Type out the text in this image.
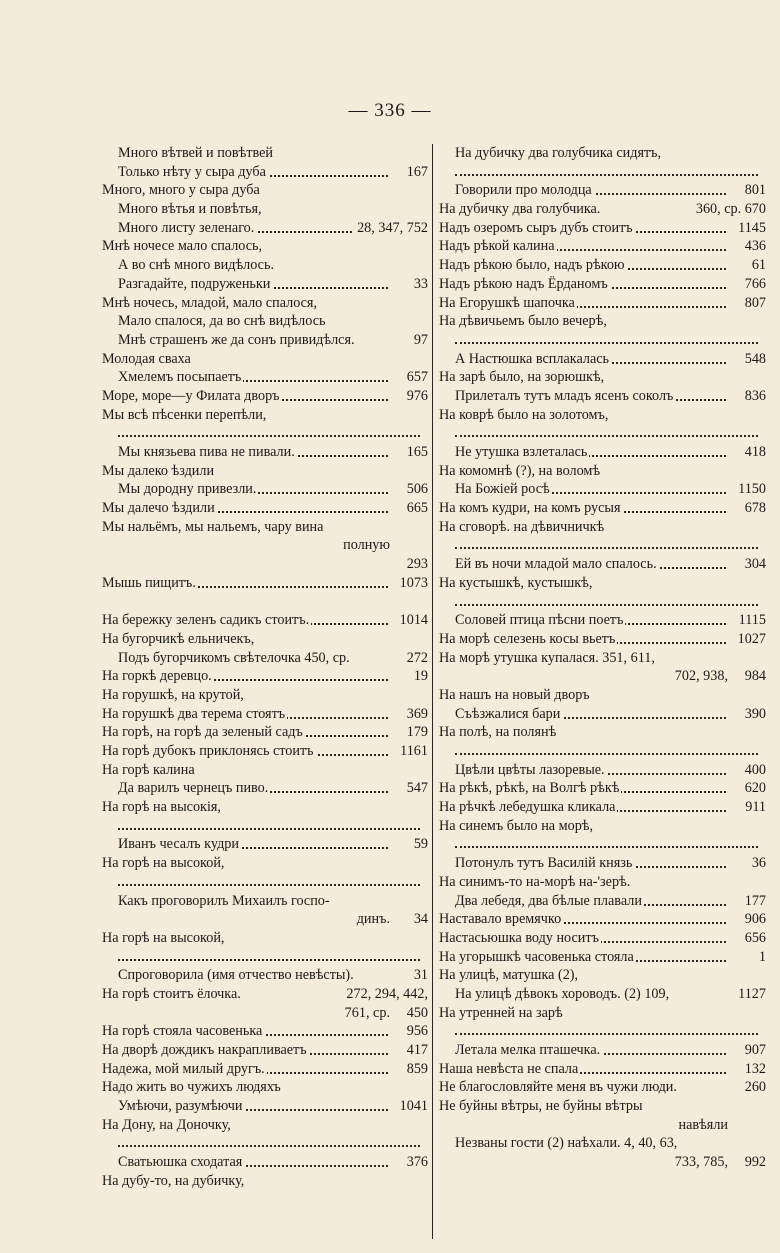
— 336 —
Много вѣтвей и повѣтвей
Только нѣту у сыра дуба	167
Много, много у сыра дуба
Много вѣтья и повѣтья,
Много листу зеленаго.	28, 347, 752
Мнѣ ночесе мало спалось,
А во снѣ много видѣлось.
Разгадайте, подруженьки	33
Мнѣ ночесь, младой, мало спалося,
Мало спалося, да во снѣ видѣлось
Мнѣ страшенъ же да сонъ привидѣлся.	97
Молодая сваха
Хмелемъ посыпаетъ	657
Море, море—у Филата дворъ	976
Мы всѣ пѣсенки перепѣли,
Мы князьева пива не пивали.	165
Мы далеко ѣздили
Мы дородну привезли.	506
Мы далечо ѣздили	665
Мы нальёмъ, мы нальемъ, чару вина
полную
293
Мышь пищитъ.	1073
На бережку зеленъ садикъ стоитъ.	1014
На бугорчикѣ ельничекъ,
Подъ бугорчикомъ свѣтелочка 450, ср.	272
На горкѣ деревцо.	19
На горушкѣ, на крутой,
На горушкѣ два терема стоятъ	369
На горѣ, на горѣ да зеленый садъ	179
На горѣ дубокъ приклонясь стоитъ	1161
На горѣ калина
Да варилъ чернецъ пиво.	547
На горѣ на высокія,
Иванъ чесалъ кудри	59
На горѣ на высокой,
Какъ проговорилъ Михаилъ госпо-
динъ. 34
На горѣ на высокой,
Спроговорила (имя отчество невѣсты).	31
На горѣ стоитъ ёлочка.	272, 294, 442,
761, ср. 450
На горѣ стояла часовенька	956
На дворѣ дождикъ накрапливаетъ	417
Надежа, мой милый другъ.	859
Надо жить во чужихъ людяхъ
Умѣючи, разумѣючи	1041
На Дону, на Доночку,
Сватьюшка сходатая	376
На дубу-то, на дубичку,
На дубичку два голубчика сидятъ,
Говорили про молодца	801
На дубичку два голубчика.	360, ср. 670
Надъ озеромъ сыръ дубъ стоитъ	1145
Надъ рѣкой калина	436
Надъ рѣкою было, надъ рѣкою	61
Надъ рѣкою надъ Ёрданомъ	766
На Егорушкѣ шапочка	807
На дѣвичьемъ было вечерѣ,
А Настюшка всплакалась	548
На зарѣ было, на зорюшкѣ,
Прилеталъ тутъ младъ ясенъ соколъ	836
На коврѣ было на золотомъ,
Не утушка взлеталась	418
На комомнѣ (?), на воломѣ
На Божіей росѣ	1150
На комъ кудри, на комъ русыя	678
На сговорѣ. на дѣвичничкѣ
Ей въ ночи младой мало спалось.	304
На кустышкѣ, кустышкѣ,
Соловей птица пѣсни поетъ	1115
На морѣ селезень косы вьетъ	1027
На морѣ утушка купалася. 351, 611,
702, 938, 984
На нашъ на новый дворъ
Съѣзжалися бари	390
На полѣ, на полянѣ
Цвѣли цвѣты лазоревые.	400
На рѣкѣ, рѣкѣ, на Волгѣ рѣкѣ	620
На рѣчкѣ лебедушка кликала	911
На синемъ было на морѣ,
Потонулъ тутъ Василій князь	36
На синимъ-то на-морѣ на-'зерѣ.
Два лебедя, два бѣлые плавали	177
Наставало времячко	906
Настасьюшка воду носитъ	656
На угорышкѣ часовенька стояла	1
На улицѣ, матушка (2),
На улицѣ дѣвокъ хороводъ. (2) 109,	1127
На утренней на зарѣ
Летала мелка пташечка.	907
Наша невѣста не спала	132
Не благословляйте меня въ чужи люди.	260
Не буйны вѣтры, не буйны вѣтры
навѣяли
Незваны гости (2) наѣхали. 4, 40, 63,
733, 785, 992
